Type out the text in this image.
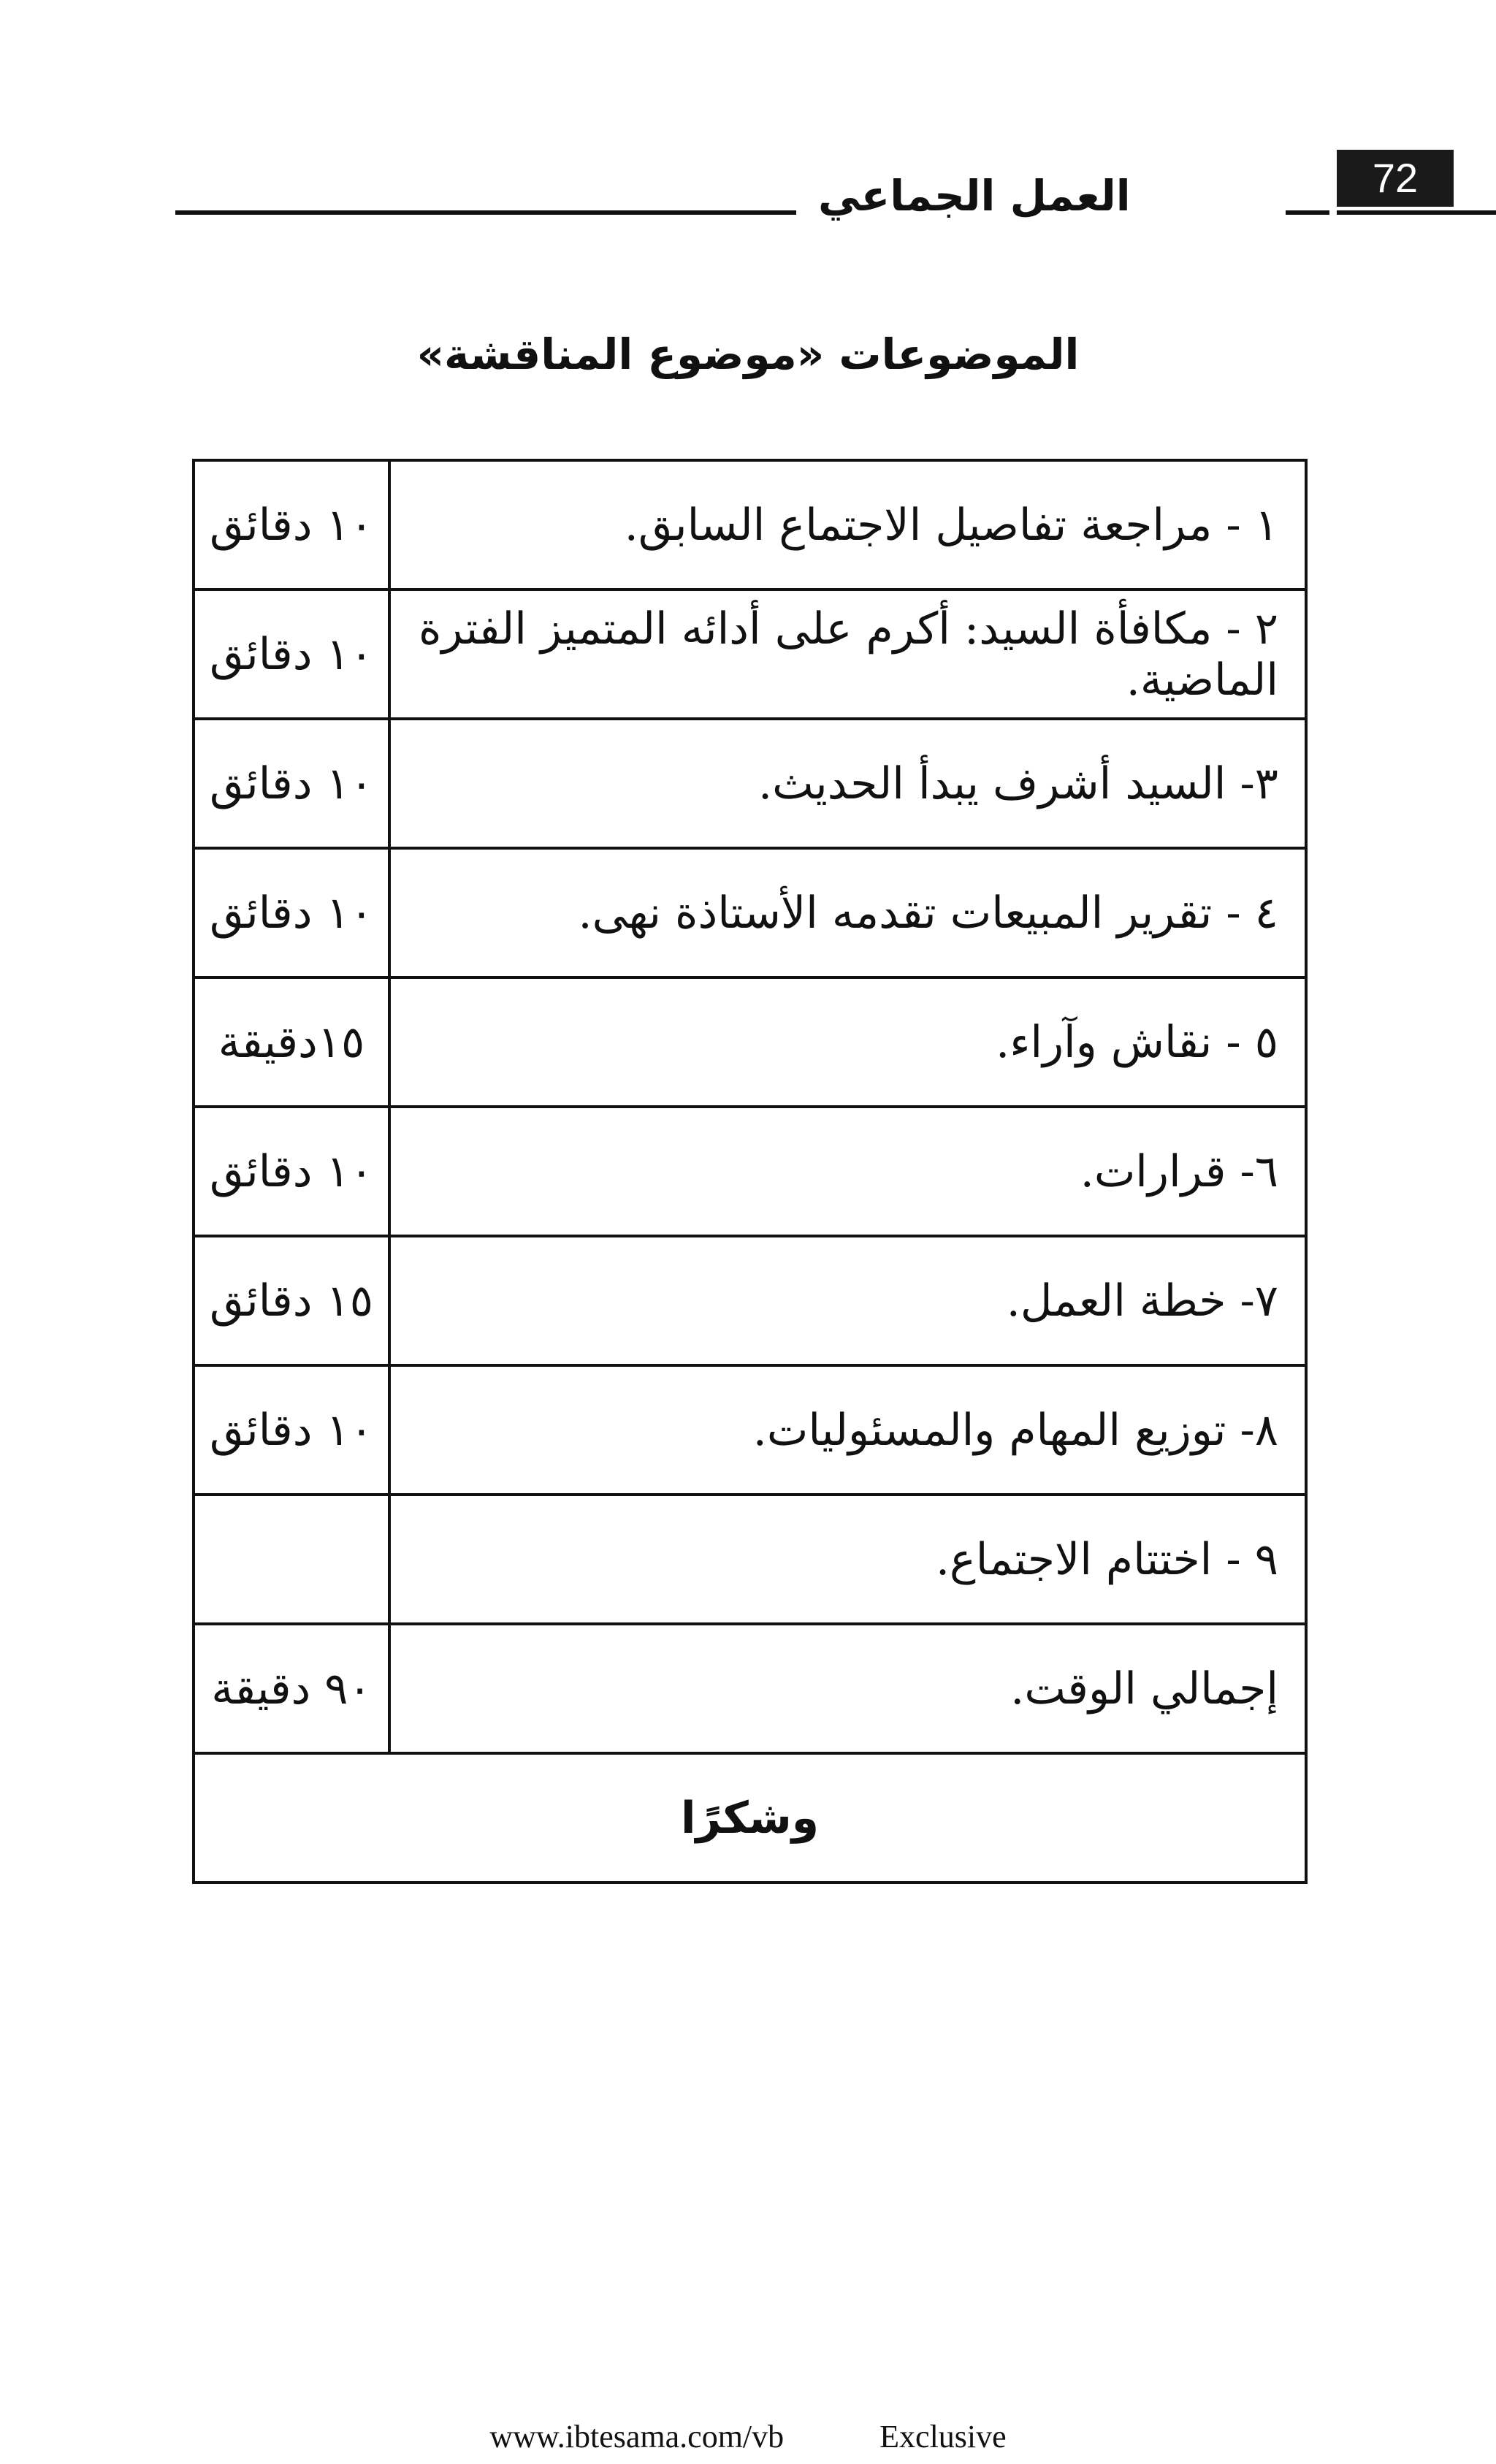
العمل الجماعي	72
الموضوعات «موضوع المناقشة»
١ - مراجعة تفاصيل الاجتماع السابق.	١٠ دقائق
٢ - مكافأة السيد: أكرم على أدائه المتميز الفترة الماضية.	١٠ دقائق
٣- السيد أشرف يبدأ الحديث.	١٠ دقائق
٤ - تقرير المبيعات تقدمه الأستاذة نهى.	١٠ دقائق
٥ - نقاش وآراء.	١٥دقيقة
٦- قرارات.	١٠ دقائق
٧- خطة العمل.	١٥ دقائق
٨- توزيع المهام والمسئوليات.	١٠ دقائق
٩ - اختتام الاجتماع.	
إجمالي الوقت.	٩٠ دقيقة
وشكرًا	
www.ibtesama.com/vb	Exclusive
